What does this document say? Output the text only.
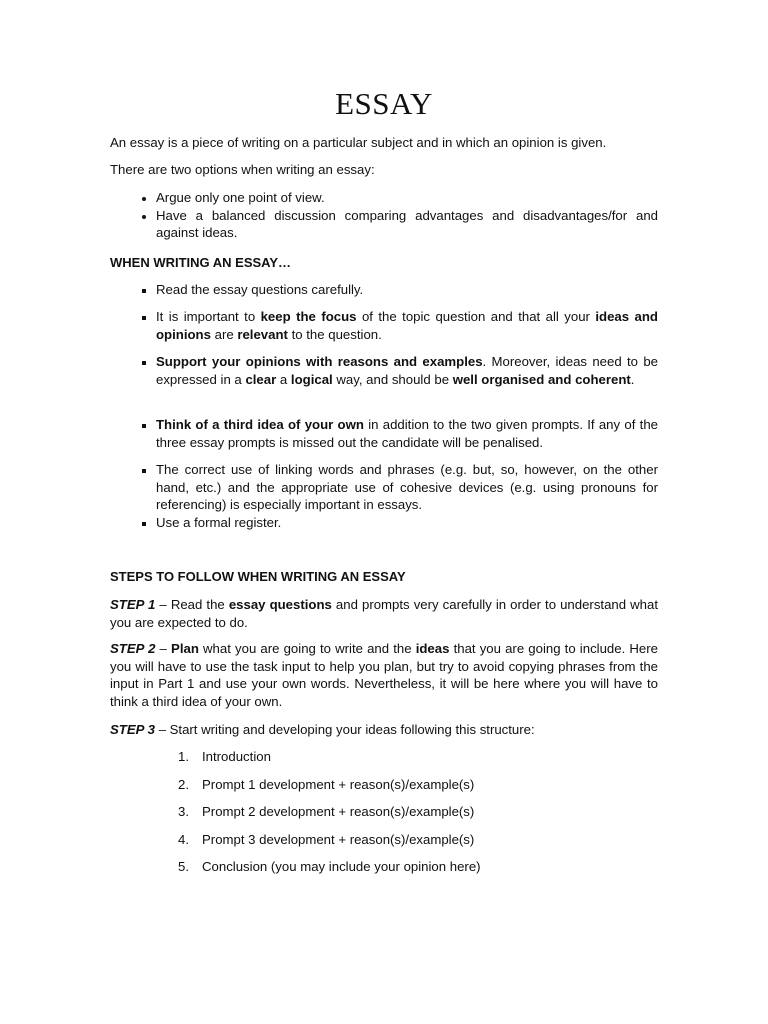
ESSAY

An essay is a piece of writing on a particular subject and in which an opinion is given.

There are two options when writing an essay:

• Argue only one point of view.
• Have a balanced discussion comparing advantages and disadvantages/for and against ideas.

WHEN WRITING AN ESSAY…

▪ Read the essay questions carefully.
▪ It is important to keep the focus of the topic question and that all your ideas and opinions are relevant to the question.
▪ Support your opinions with reasons and examples. Moreover, ideas need to be expressed in a clear a logical way, and should be well organised and coherent.
▪ Think of a third idea of your own in addition to the two given prompts. If any of the three essay prompts is missed out the candidate will be penalised.
▪ The correct use of linking words and phrases (e.g. but, so, however, on the other hand, etc.) and the appropriate use of cohesive devices (e.g. using pronouns for referencing) is especially important in essays.
▪ Use a formal register.

STEPS TO FOLLOW WHEN WRITING AN ESSAY

STEP 1 – Read the essay questions and prompts very carefully in order to understand what you are expected to do.

STEP 2 – Plan what you are going to write and the ideas that you are going to include. Here you will have to use the task input to help you plan, but try to avoid copying phrases from the input in Part 1 and use your own words. Nevertheless, it will be here where you will have to think a third idea of your own.

STEP 3 – Start writing and developing your ideas following this structure:

1. Introduction
2. Prompt 1 development + reason(s)/example(s)
3. Prompt 2 development + reason(s)/example(s)
4. Prompt 3 development + reason(s)/example(s)
5. Conclusion (you may include your opinion here)
